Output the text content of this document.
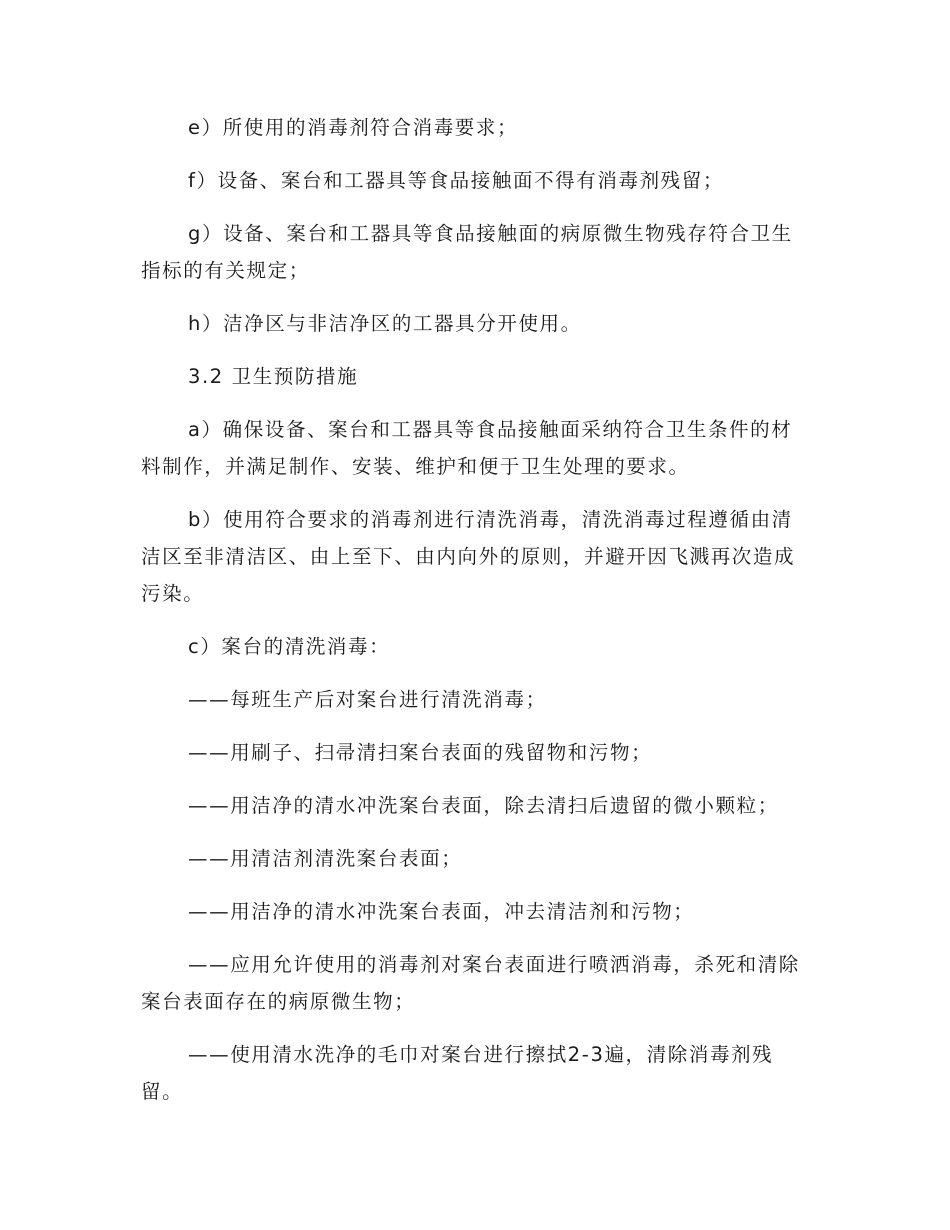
e）所使用的消毒剂符合消毒要求；

f）设备、案台和工器具等食品接触面不得有消毒剂残留；

g）设备、案台和工器具等食品接触面的病原微生物残存符合卫生指标的有关规定；

h）洁净区与非洁净区的工器具分开使用。

3.2 卫生预防措施

a）确保设备、案台和工器具等食品接触面采纳符合卫生条件的材料制作，并满足制作、安装、维护和便于卫生处理的要求。

b）使用符合要求的消毒剂进行清洗消毒，清洗消毒过程遵循由清洁区至非清洁区、由上至下、由内向外的原则，并避开因飞溅再次造成污染。

c）案台的清洗消毒：

——每班生产后对案台进行清洗消毒；

——用刷子、扫帚清扫案台表面的残留物和污物；

——用洁净的清水冲洗案台表面，除去清扫后遗留的微小颗粒；

——用清洁剂清洗案台表面；

——用洁净的清水冲洗案台表面，冲去清洁剂和污物；

——应用允许使用的消毒剂对案台表面进行喷洒消毒，杀死和清除案台表面存在的病原微生物；

——使用清水洗净的毛巾对案台进行擦拭2-3遍，清除消毒剂残留。
